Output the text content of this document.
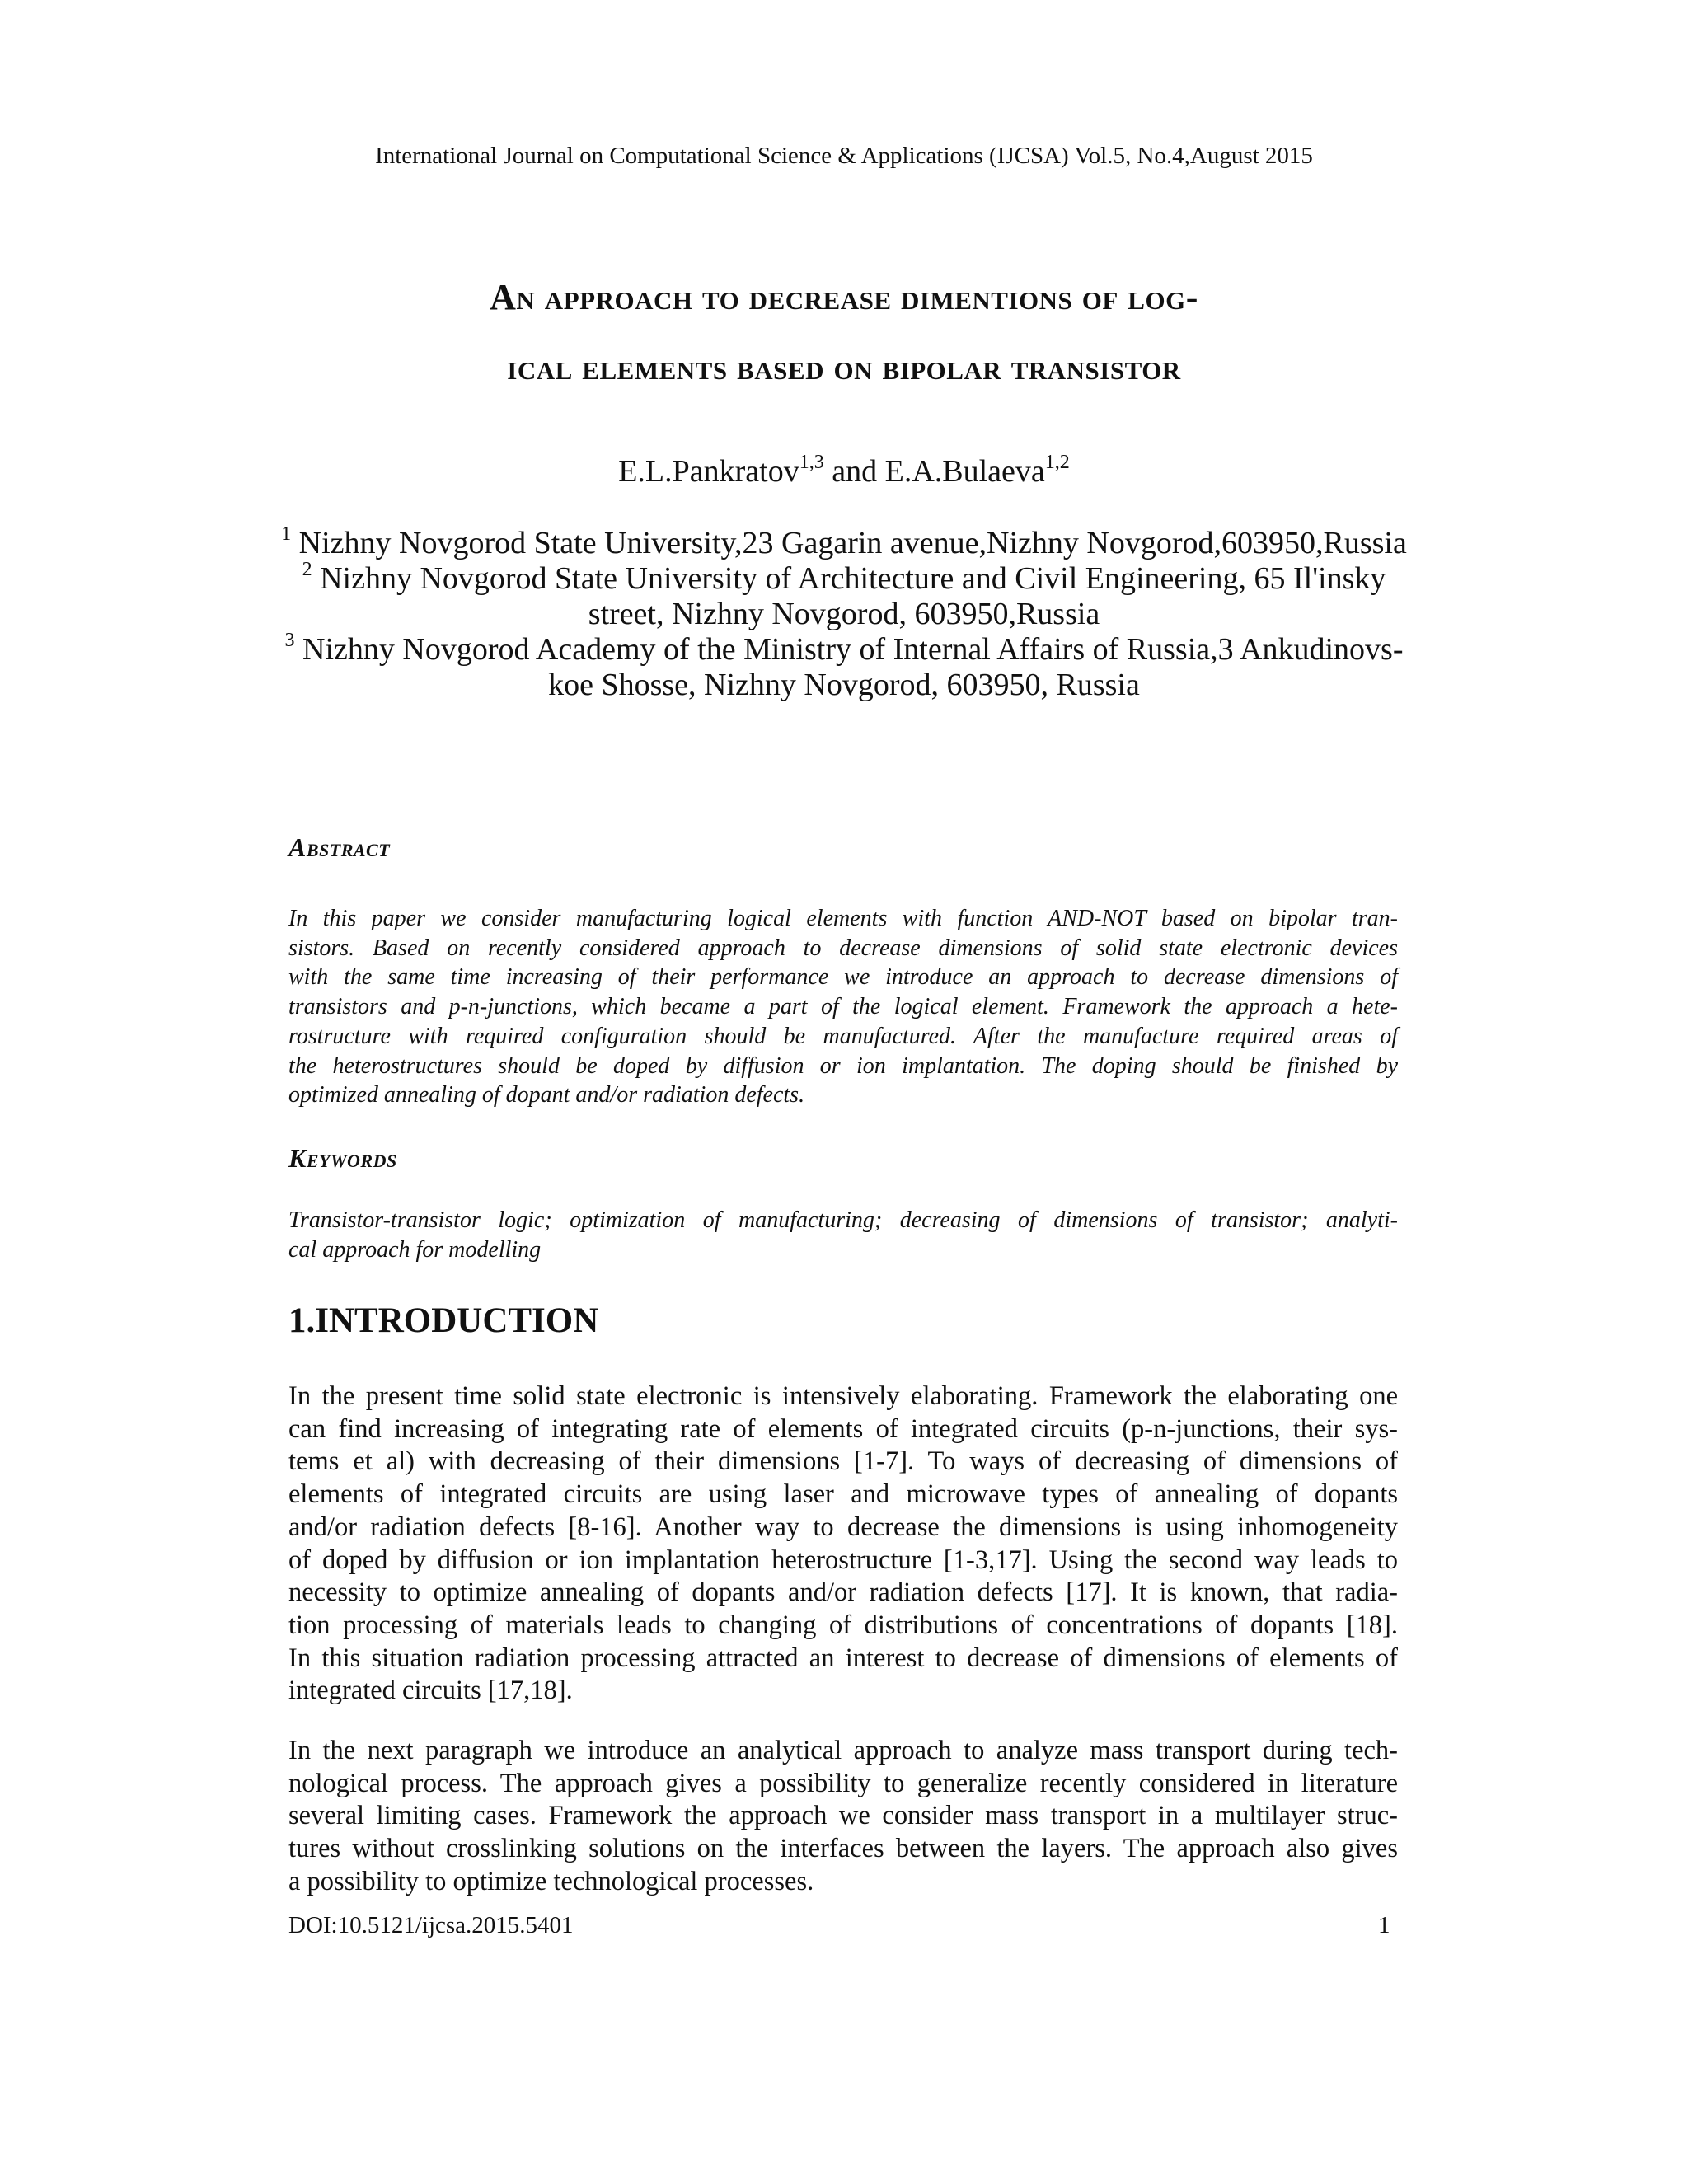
International Journal on Computational Science & Applications (IJCSA) Vol.5, No.4,August 2015
An approach to decrease dimentions of log-
ical elements based on bipolar transistor
E.L.Pankratov$^{1,3}$ and E.A.Bulaeva$^{1,2}$
$^1$ Nizhny Novgorod State University,23 Gagarin avenue,Nizhny Novgorod,603950,Russia
$^2$ Nizhny Novgorod State University of Architecture and Civil Engineering, 65 Il'insky
street, Nizhny Novgorod, 603950,Russia
$^3$ Nizhny Novgorod Academy of the Ministry of Internal Affairs of Russia,3 Ankudinovs-
koe Shosse, Nizhny Novgorod, 603950, Russia
Abstract
In this paper we consider manufacturing logical elements with function AND-NOT based on bipolar tran-
sistors. Based on recently considered approach to decrease dimensions of solid state electronic devices
with the same time increasing of their performance we introduce an approach to decrease dimensions of
transistors and p-n-junctions, which became a part of the logical element. Framework the approach a hete-
rostructure with required configuration should be manufactured. After the manufacture required areas of
the heterostructures should be doped by diffusion or ion implantation. The doping should be finished by
optimized annealing of dopant and/or radiation defects.
Keywords
Transistor-transistor logic; optimization of manufacturing; decreasing of dimensions of transistor; analyti-
cal approach for modelling
1.INTRODUCTION
In the present time solid state electronic is intensively elaborating. Framework the elaborating one
can find increasing of integrating rate of elements of integrated circuits (p-n-junctions, their sys-
tems et al) with decreasing of their dimensions [1-7]. To ways of decreasing of dimensions of
elements of integrated circuits are using laser and microwave types of annealing of dopants
and/or radiation defects [8-16]. Another way to decrease the dimensions is using inhomogeneity
of doped by diffusion or ion implantation heterostructure [1-3,17]. Using the second way leads to
necessity to optimize annealing of dopants and/or radiation defects [17]. It is known, that radia-
tion processing of materials leads to changing of distributions of concentrations of dopants [18].
In this situation radiation processing attracted an interest to decrease of dimensions of elements of
integrated circuits [17,18].
In the next paragraph we introduce an analytical approach to analyze mass transport during tech-
nological process. The approach gives a possibility to generalize recently considered in literature
several limiting cases. Framework the approach we consider mass transport in a multilayer struc-
tures without crosslinking solutions on the interfaces between the layers. The approach also gives
a possibility to optimize technological processes.
DOI:10.5121/ijcsa.2015.5401	1
